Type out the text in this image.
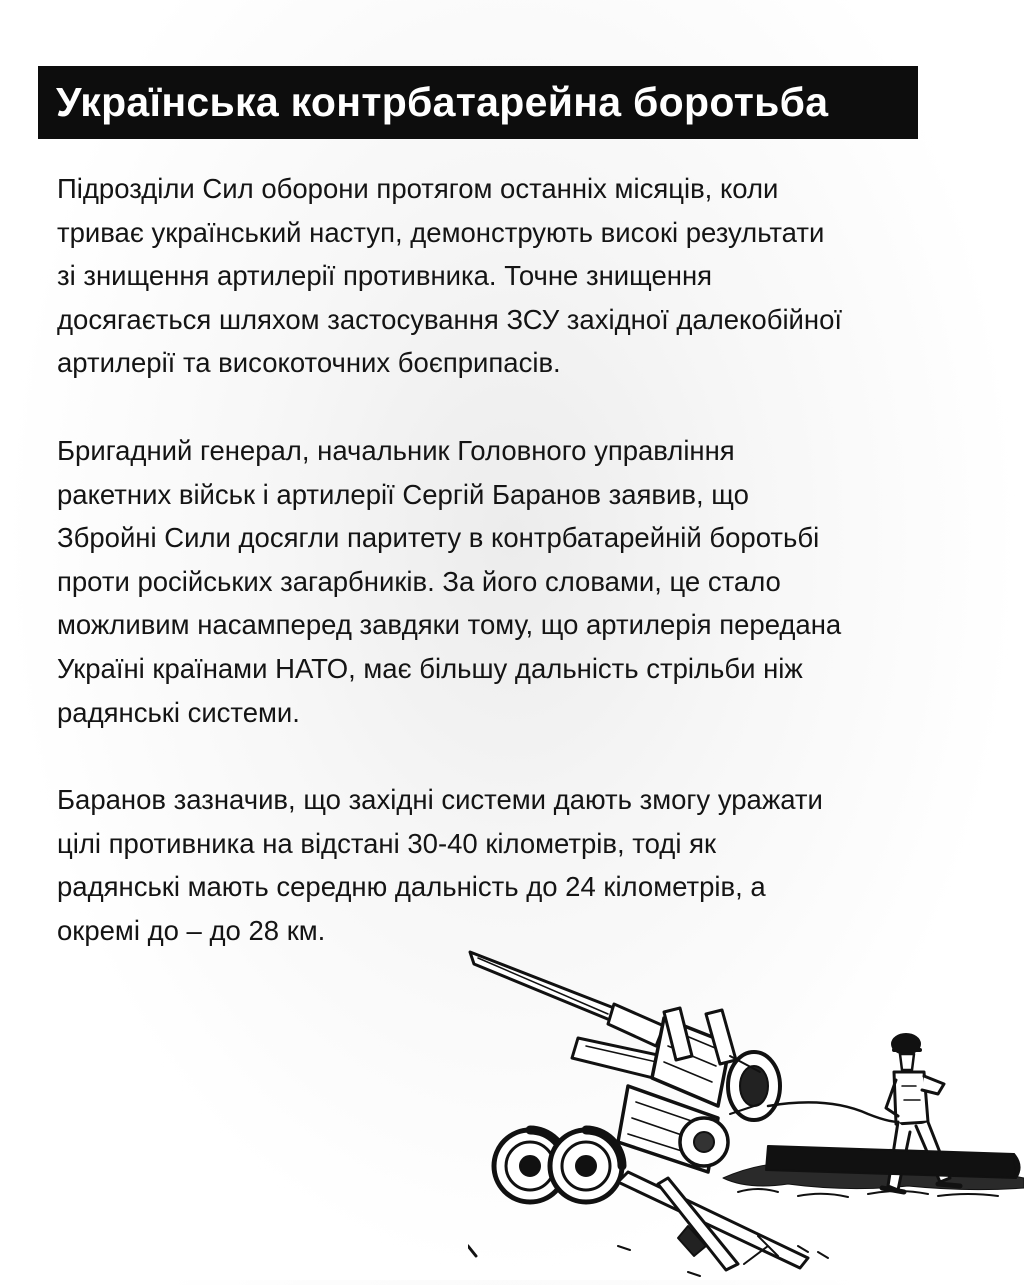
Українська контрбатарейна боротьба

Підрозділи Сил оборони протягом останніх місяців, коли
триває український наступ, демонструють високі результати
зі знищення артилерії противника. Точне знищення
досягається шляхом застосування ЗСУ західної далекобійної
артилерії та високоточних боєприпасів.

Бригадний генерал, начальник Головного управління
ракетних військ і артилерії Сергій Баранов заявив, що
Збройні Сили досягли паритету в контрбатарейній боротьбі
проти російських загарбників. За його словами, це стало
можливим насамперед завдяки тому, що артилерія передана
Україні країнами НАТО, має більшу дальність стрільби ніж
радянські системи.

Баранов зазначив, що західні системи дають змогу уражати
цілі противника на відстані 30-40 кілометрів, тоді як
радянські мають середню дальність до 24 кілометрів, а
окремі до – до 28 км.
